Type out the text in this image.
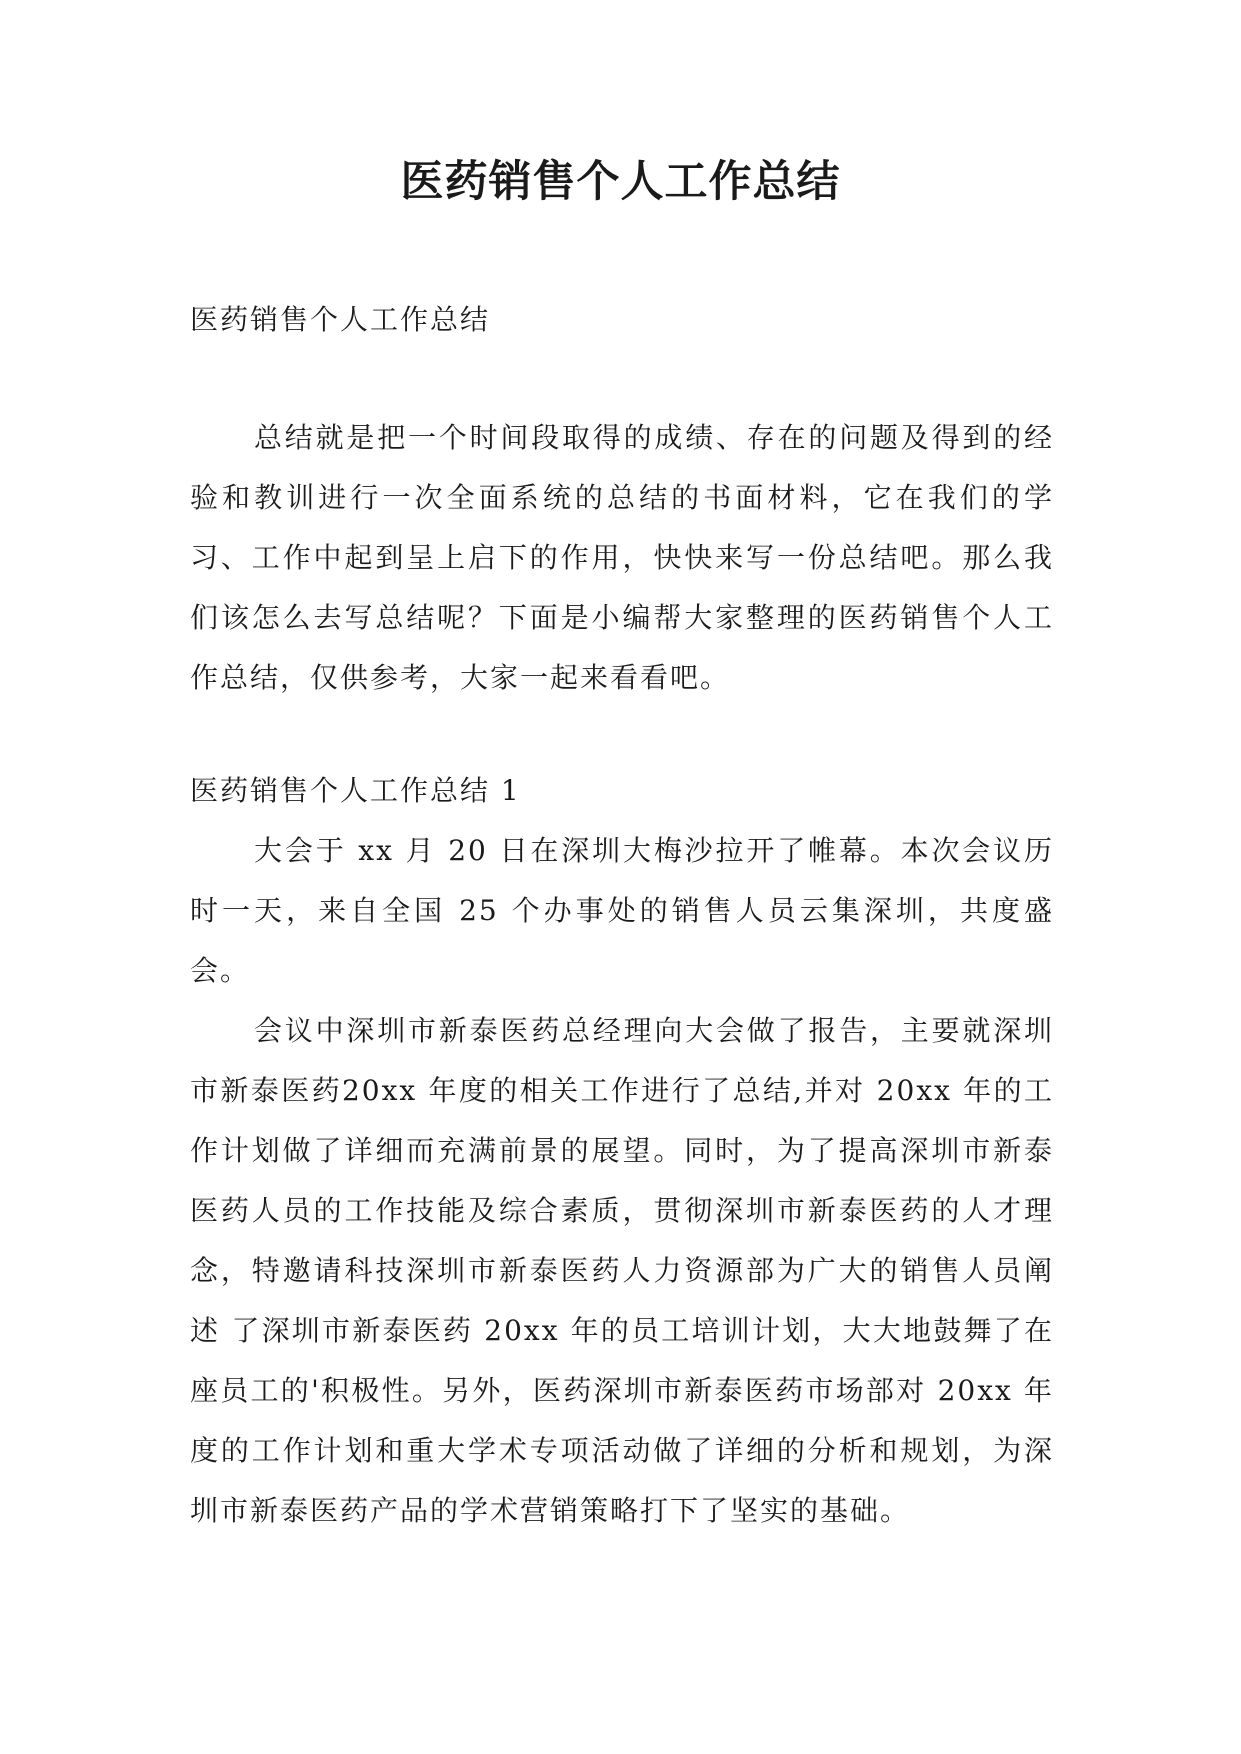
医药销售个人工作总结

医药销售个人工作总结

总结就是把一个时间段取得的成绩、存在的问题及得到的经验和教训进行一次全面系统的总结的书面材料，它在我们的学习、工作中起到呈上启下的作用，快快来写一份总结吧。那么我们该怎么去写总结呢？下面是小编帮大家整理的医药销售个人工作总结，仅供参考，大家一起来看看吧。

医药销售个人工作总结 1

大会于 xx 月 20 日在深圳大梅沙拉开了帷幕。本次会议历时一天，来自全国 25 个办事处的销售人员云集深圳，共度盛会。

会议中深圳市新泰医药总经理向大会做了报告，主要就深圳市新泰医药20xx 年度的相关工作进行了总结,并对 20xx 年的工作计划做了详细而充满前景的展望。同时，为了提高深圳市新泰医药人员的工作技能及综合素质，贯彻深圳市新泰医药的人才理念，特邀请科技深圳市新泰医药人力资源部为广大的销售人员阐述 了深圳市新泰医药 20xx 年的员工培训计划，大大地鼓舞了在座员工的'积极性。另外，医药深圳市新泰医药市场部对 20xx 年度的工作计划和重大学术专项活动做了详细的分析和规划，为深圳市新泰医药产品的学术营销策略打下了坚实的基础。
